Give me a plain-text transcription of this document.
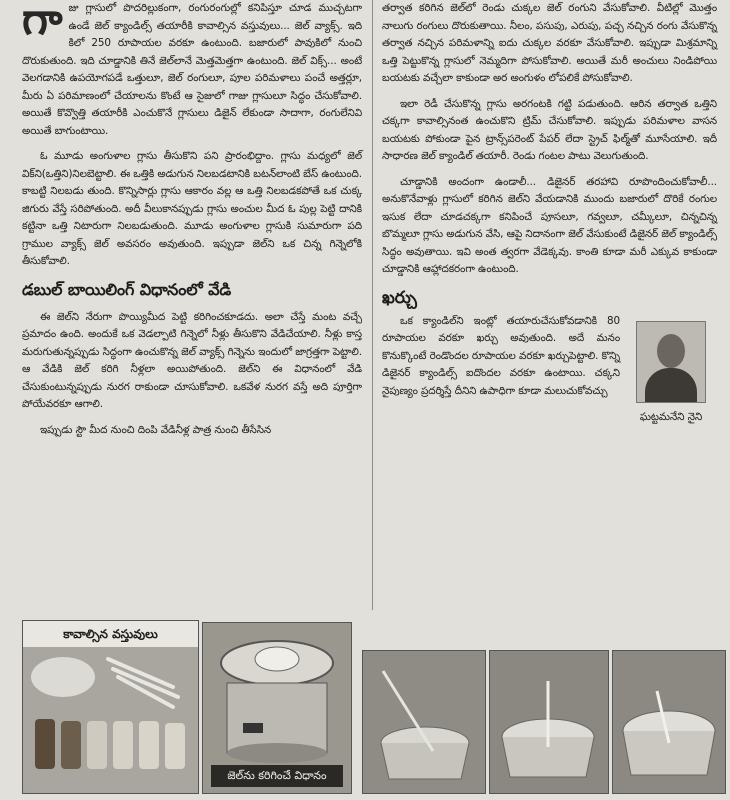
గా జు గ్లాసులో పొదరిల్లుకంగా, రంగురంగుల్లో కనిపిస్తూ చూడ ముచ్చటగా ఉండే జెల్ క్యాండిల్స్ తయారీకి కావాల్సిన వస్తువులు... జెల్ వ్యాక్స్. ఇది కిలో 250 రూపాయల వరకూ ఉంటుంది. బజారులో పావుకిలో నుంచి దొరుకుతుంది. ఇది చూడ్డానికి తినే జెల్‌లానే మెత్తమెత్తగా ఉంటుంది. జెల్ విక్స్... అంటే వెలగడానికి ఉపయోగపడే ఒత్తులూ, జెల్ రంగులూ, పూల పరిమళాలు పంచే అత్తర్లూ, మీరు ఏ పరిమాణంలో చేయాలను కొంటే ఆ సైజులో గాజు గ్లాసులూ సిద్ధం చేసుకోవాలి. అయితే కొవ్వొత్తి తయారీకి ఎంచుకొనే గ్లాసులు డిజైన్ లేకుండా సాదాగా, రంగులేనివి అయితే బాగుంటాయి.

ఓ మూడు అంగుళాల గ్లాసు తీసుకొని పని ప్రారంభిద్దాం. గ్లాసు మధ్యలో జెల్ విక్‌ని(ఒత్తిని)నిలబెట్టాలి. ఈ ఒత్తికి అడుగున నిలబడటానికి బటన్‌లాంటి బేస్ ఉంటుంది. కాబట్టి నిలబడు తుంది. కొన్నిసార్లు గ్లాసు ఆకారం వల్ల ఆ ఒత్తి నిలబడకపోతే ఒక చుక్క జిగురు వేస్తే సరిపోతుంది. అదీ వీలుకానప్పుడు గ్లాసు అంచుల మీద ఓ పుల్ల పెట్టి దానికి కట్టినా ఒత్తి నిటారుగా నిలబడుతుంది. మూడు అంగుళాల గ్లాసుకి సుమారుగా పది గ్రాముల వ్యాక్స్ జెల్ అవసరం అవుతుంది. ఇప్పుడా జెల్‌ని ఒక చిన్న గిన్నెలోకి తీసుకోవాలి.

డబుల్ బాయిలింగ్ విధానంలో వేడి

ఈ జెల్‌ని నేరుగా పొయ్యిమీద పెట్టి కరిగించకూడదు. అలా చేస్తే మంట వచ్చే ప్రమాదం ఉంది. అందుకే ఒక వెడల్పాటి గిన్నెలో నీళ్లు తీసుకొని వేడిచేయాలి. నీళ్లు కాస్త మరుగుతున్నప్పుడు సిద్ధంగా ఉంచుకొన్న జెల్ వ్యాక్స్ గిన్నెను ఇందులో జాగ్రత్తగా పెట్టాలి. ఆ వేడికి జెల్ కరిగి నీళ్లలా అయిపోతుంది. జెల్‌ని ఈ విధానంలో వేడి చేసుకుంటున్నప్పుడు నురగ రాకుండా చూసుకోవాలి. ఒకవేళ నురగ వస్తే అది పూర్తిగా పోయేవరకూ ఆగాలి.

ఇప్పుడు స్టౌ మీద నుంచి దింపి వేడినీళ్ల పాత్ర నుంచి తీసేసిన

తర్వాత కరిగిన జెల్‌లో రెండు చుక్కల జెల్ రంగుని వేసుకోవాలి. వీటిల్లో మొత్తం నాలుగు రంగులు దొరుకుతాయి. నీలం, పసుపు, ఎరుపు, పచ్చ నచ్చిన రంగు వేసుకొన్న తర్వాత నచ్చిన పరిమళాన్ని ఐదు చుక్కల వరకూ వేసుకోవాలి. ఇప్పుడా మిశ్రమాన్ని ఒత్తి పెట్టుకొన్న గ్లాసులో నెమ్మదిగా పోసుకోవాలి. అయితే మరీ అంచులు నిండిపోయి బయటకు వచ్చేలా కాకుండా అర అంగుళం లోపలికే పోసుకోవాలి.

ఇలా రెడీ చేసుకొన్న గ్లాసు అరగంటకి గట్టి పడుతుంది. ఆరిన తర్వాత ఒత్తిని చక్కగా కావాల్సినంత ఉంచుకొని ట్రిమ్ చేసుకోవాలి. ఇప్పుడు పరిమళాల వాసన బయటకు పోకుండా పైన ట్రాన్స్‌పరెంట్ పేపర్ లేదా స్ట్రెచ్ ఫిల్మ్‌తో మూసేయాలి. ఇదీ సాధారణ జెల్ క్యాండిల్ తయారీ. రెండు గంటల పాటు వెలుగుతుంది.

చూడ్డానికి అందంగా ఉండాలీ... డిజైనర్ తరహావి రూపొందించుకోవాలీ... అనుకొనేవాళ్లు గ్లాసులో కరిగిన జెల్‌ని వేయడానికి ముందు బజారులో దొరికే రంగుల ఇసుక లేదా చూడచక్కగా కనిపించే పూసలూ, గవ్వలూ, చమ్కీలూ, చిన్నచిన్న బొమ్మలూ గ్లాసు అడుగున వేసి, ఆపై నిదానంగా జెల్ వేసుకుంటే డిజైనర్ జెల్ క్యాండిల్స్ సిద్ధం అవుతాయి. ఇవి అంత త్వరగా వేడెక్కవు. కాంతి కూడా మరీ ఎక్కువ కాకుండా చూడ్డానికి ఆహ్లాదకరంగా ఉంటుంది.

ఖర్చు

ఒక క్యాండిల్‌ని ఇంట్లో తయారుచేసుకోవడానికి 80 రూపాయల వరకూ ఖర్చు అవుతుంది. అదే మనం కొనుక్కొంటే రెండొందల రూపాయల వరకూ ఖర్చుపెట్టాలి. కొన్ని డిజైనర్ క్యాండిల్స్ ఐదొందల వరకూ ఉంటాయి. చక్కని నైపుణ్యం ప్రదర్శిస్తే దీనిని ఉపాధిగా కూడా మలుచుకోవచ్చు

ఘట్టమనేని నైని
కావాల్సిన వస్తువులు
జెల్‌ను కరిగించే విధానం
